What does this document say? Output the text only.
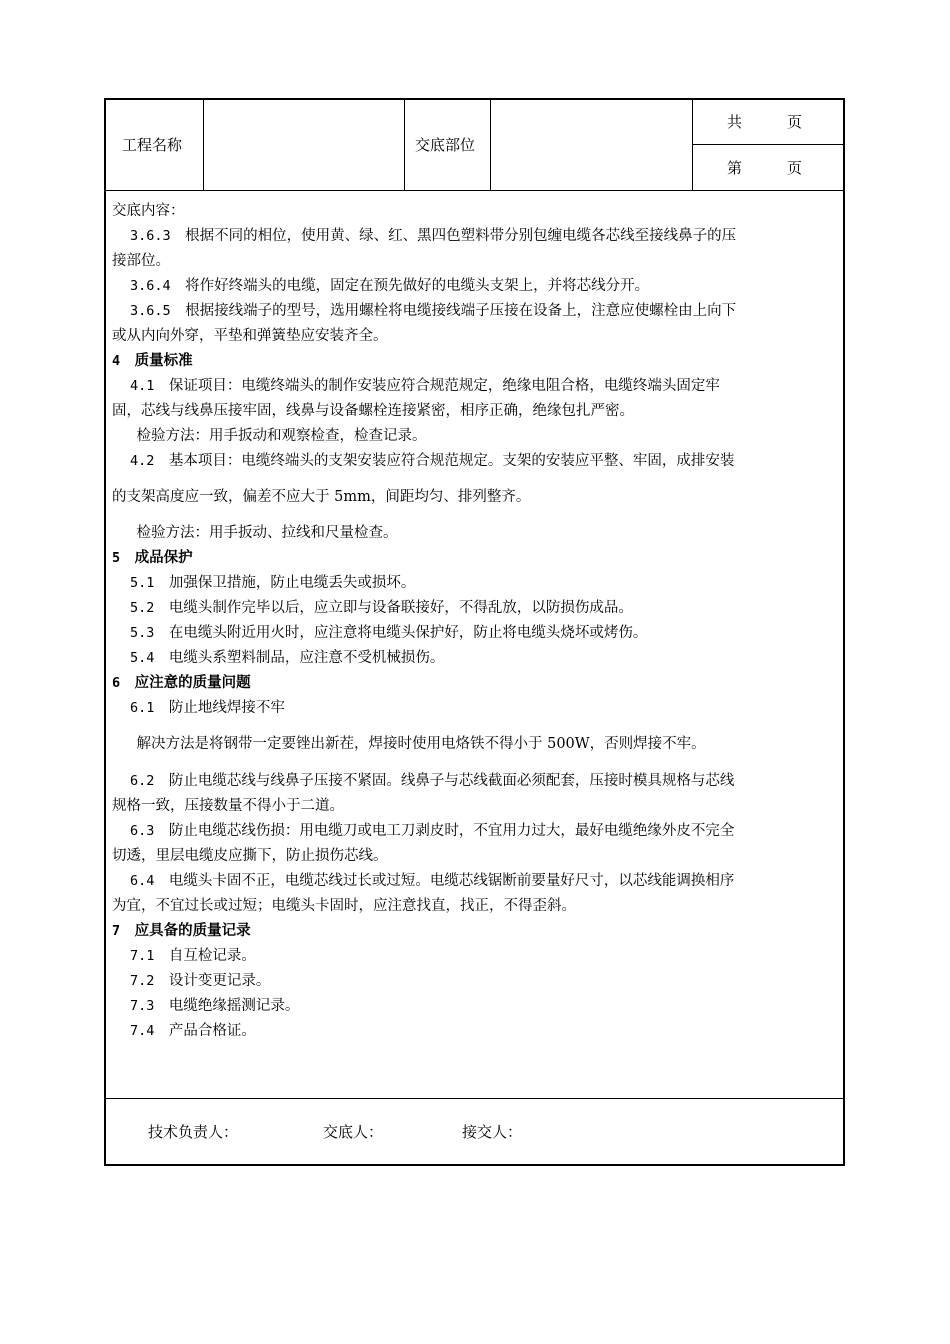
工程名称	交底部位
共　　　页
第　　　页
交底内容：
3.6.3　根据不同的相位，使用黄、绿、红、黑四色塑料带分别包缠电缆各芯线至接线鼻子的压
接部位。
3.6.4　将作好终端头的电缆，固定在预先做好的电缆头支架上，并将芯线分开。
3.6.5　根据接线端子的型号，选用螺栓将电缆接线端子压接在设备上，注意应使螺栓由上向下
或从内向外穿，平垫和弹簧垫应安装齐全。
4　质量标准
4.1　保证项目：电缆终端头的制作安装应符合规范规定，绝缘电阻合格，电缆终端头固定牢
固，芯线与线鼻压接牢固，线鼻与设备螺栓连接紧密，相序正确，绝缘包扎严密。
　检验方法：用手扳动和观察检查，检查记录。
4.2　基本项目：电缆终端头的支架安装应符合规范规定。支架的安装应平整、牢固，成排安装
的支架高度应一致，偏差不应大于 5mm，间距均匀、排列整齐。
　检验方法：用手扳动、拉线和尺量检查。
5　成品保护
5.1　加强保卫措施，防止电缆丢失或损坏。
5.2　电缆头制作完毕以后，应立即与设备联接好，不得乱放，以防损伤成品。
5.3　在电缆头附近用火时，应注意将电缆头保护好，防止将电缆头烧坏或烤伤。
5.4　电缆头系塑料制品，应注意不受机械损伤。
6　应注意的质量问题
6.1　防止地线焊接不牢
　解决方法是将钢带一定要锉出新茬，焊接时使用电烙铁不得小于 500W，否则焊接不牢。
6.2　防止电缆芯线与线鼻子压接不紧固。线鼻子与芯线截面必须配套，压接时模具规格与芯线
规格一致，压接数量不得小于二道。
6.3　防止电缆芯线伤损：用电缆刀或电工刀剥皮时，不宜用力过大，最好电缆绝缘外皮不完全
切透，里层电缆皮应撕下，防止损伤芯线。
6.4　电缆头卡固不正，电缆芯线过长或过短。电缆芯线锯断前要量好尺寸，以芯线能调换相序
为宜，不宜过长或过短；电缆头卡固时，应注意找直，找正，不得歪斜。
7　应具备的质量记录
7.1　自互检记录。
7.2　设计变更记录。
7.3　电缆绝缘摇测记录。
7.4　产品合格证。
技术负责人：	交底人：	接交人：
